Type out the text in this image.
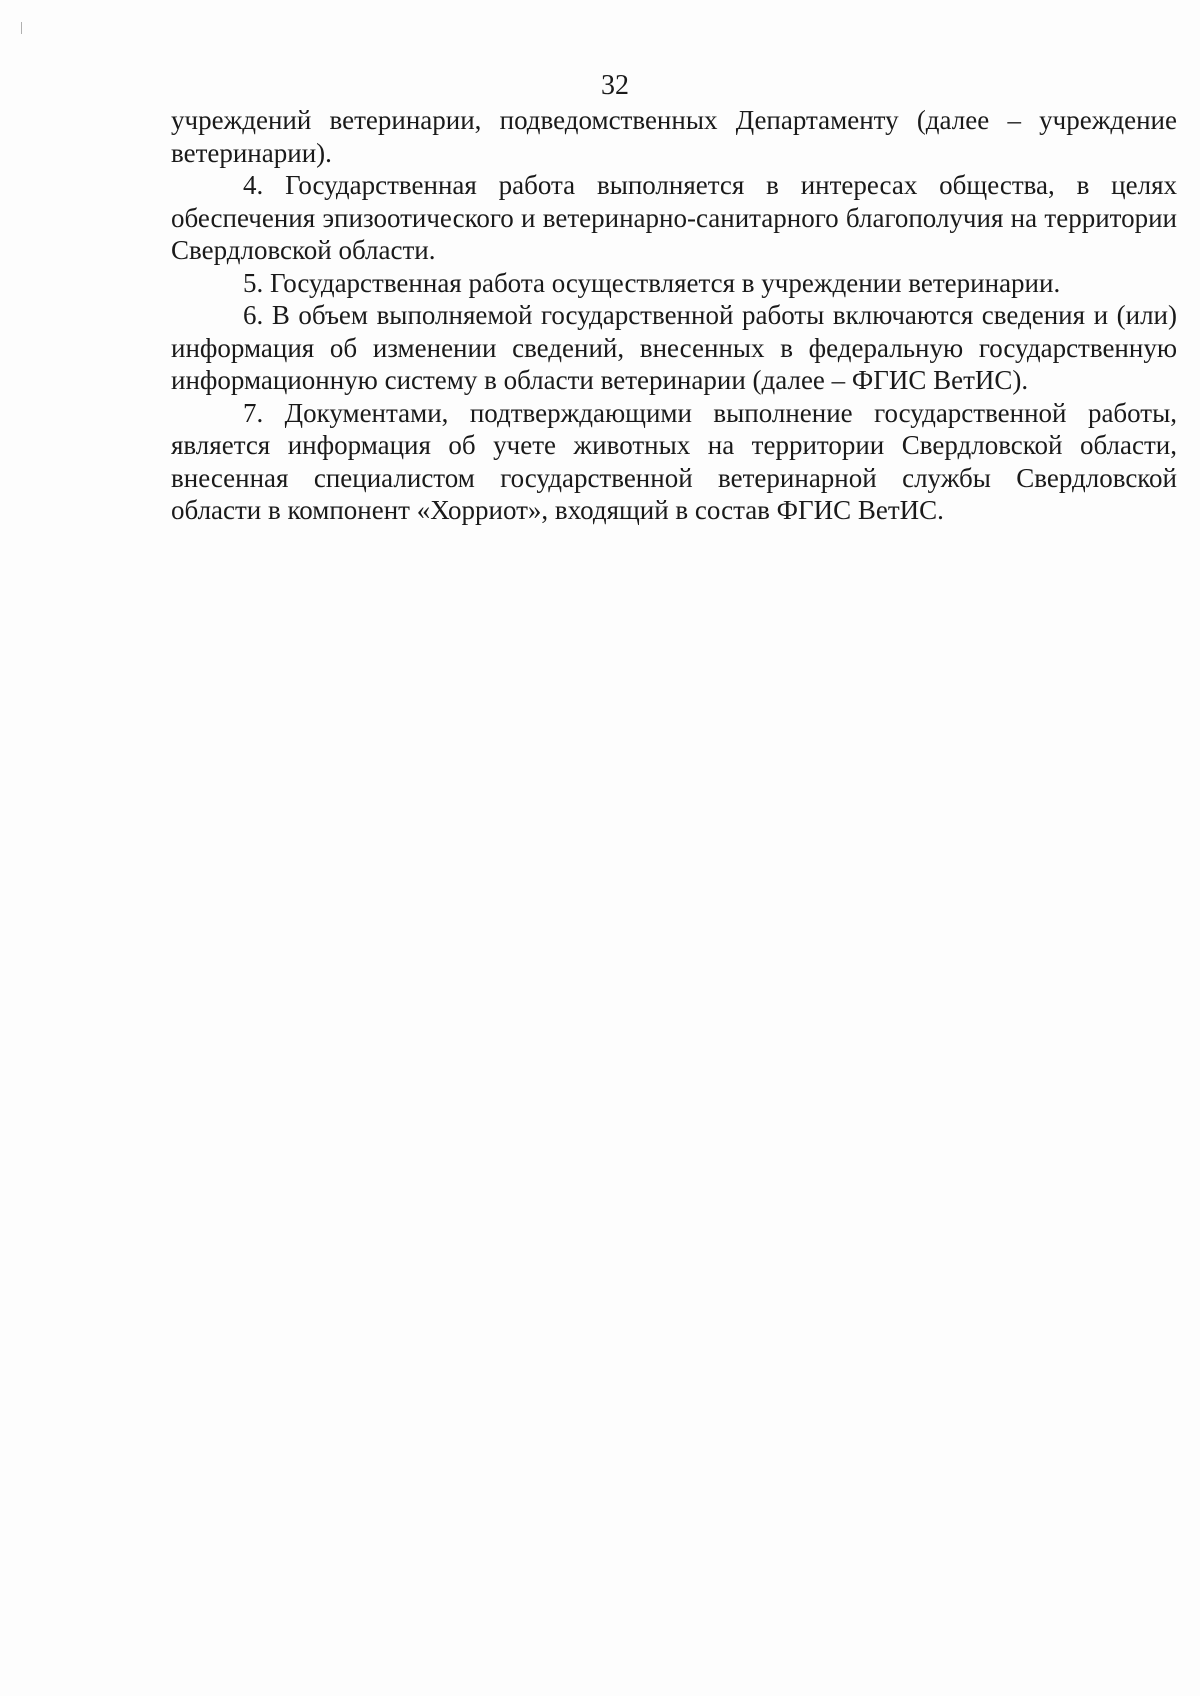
32

учреждений ветеринарии, подведомственных Департаменту (далее – учреждение ветеринарии).

4. Государственная работа выполняется в интересах общества, в целях обеспечения эпизоотического и ветеринарно-санитарного благополучия на территории Свердловской области.

5. Государственная работа осуществляется в учреждении ветеринарии.

6. В объем выполняемой государственной работы включаются сведения и (или) информация об изменении сведений, внесенных в федеральную государственную информационную систему в области ветеринарии (далее – ФГИС ВетИС).

7. Документами, подтверждающими выполнение государственной работы, является информация об учете животных на территории Свердловской области, внесенная специалистом государственной ветеринарной службы Свердловской области в компонент «Хорриот», входящий в состав ФГИС ВетИС.
